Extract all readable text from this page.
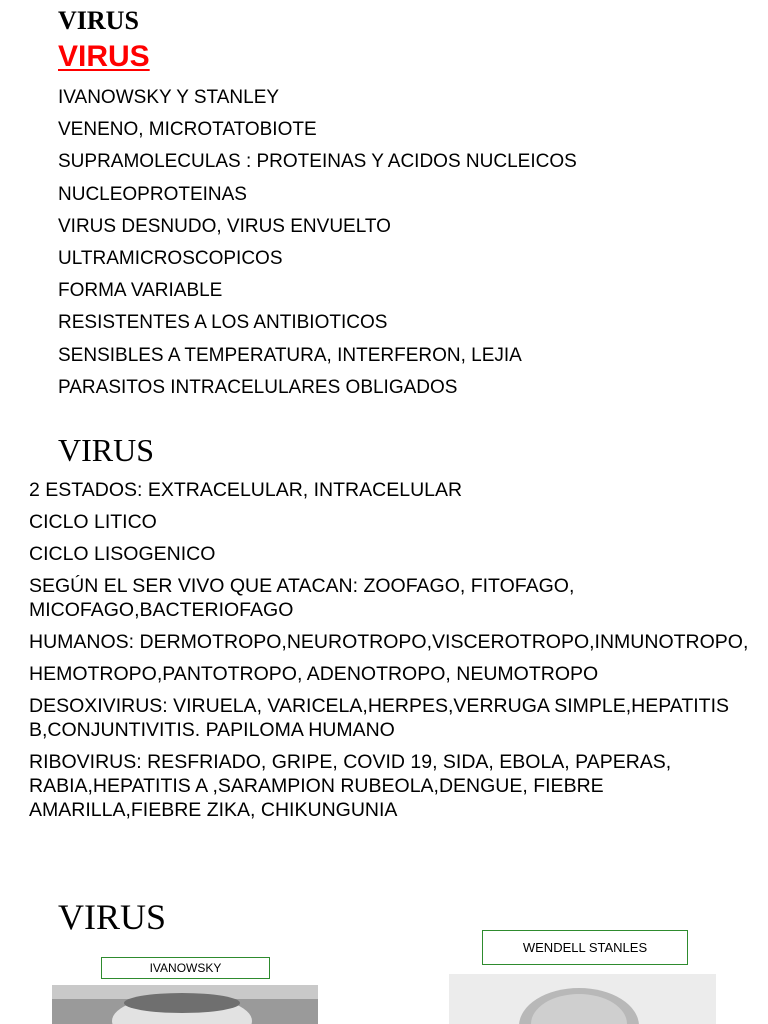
VIRUS
VIRUS
IVANOWSKY Y STANLEY
VENENO, MICROTATOBIOTE
SUPRAMOLECULAS : PROTEINAS Y ACIDOS NUCLEICOS
NUCLEOPROTEINAS
VIRUS DESNUDO, VIRUS ENVUELTO
ULTRAMICROSCOPICOS
FORMA VARIABLE
RESISTENTES A LOS ANTIBIOTICOS
SENSIBLES A TEMPERATURA, INTERFERON, LEJIA
PARASITOS INTRACELULARES OBLIGADOS
VIRUS
2 ESTADOS: EXTRACELULAR, INTRACELULAR
CICLO LITICO
CICLO LISOGENICO
SEGÚN EL SER VIVO QUE ATACAN: ZOOFAGO, FITOFAGO, MICOFAGO,BACTERIOFAGO
HUMANOS: DERMOTROPO,NEUROTROPO,VISCEROTROPO,INMUNOTROPO,
HEMOTROPO,PANTOTROPO, ADENOTROPO, NEUMOTROPO
DESOXIVIRUS: VIRUELA, VARICELA,HERPES,VERRUGA SIMPLE,HEPATITIS B,CONJUNTIVITIS. PAPILOMA HUMANO
RIBOVIRUS: RESFRIADO, GRIPE, COVID 19, SIDA, EBOLA, PAPERAS, RABIA,HEPATITIS A ,SARAMPION RUBEOLA,DENGUE, FIEBRE AMARILLA,FIEBRE ZIKA, CHIKUNGUNIA
VIRUS
IVANOWSKY
WENDELL STANLES
